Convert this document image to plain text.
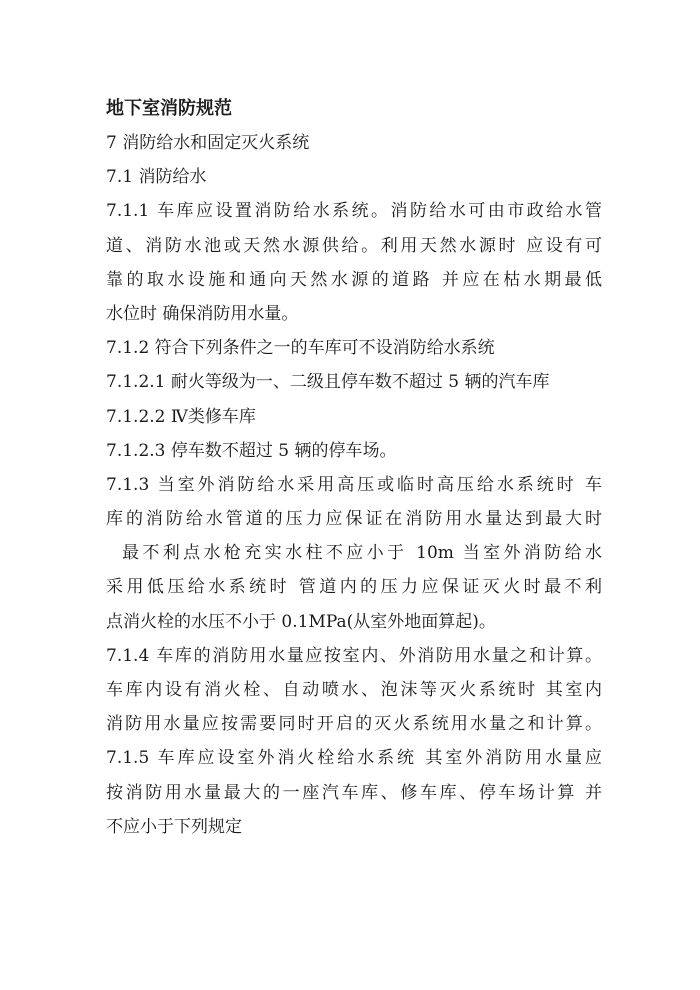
地下室消防规范
7 消防给水和固定灭火系统
7.1 消防给水
7.1.1 车库应设置消防给水系统。消防给水可由市政给水管
道、消防水池或天然水源供给。利用天然水源时 应设有可
靠的取水设施和通向天然水源的道路 并应在枯水期最低
水位时 确保消防用水量。
7.1.2 符合下列条件之一的车库可不设消防给水系统
7.1.2.1 耐火等级为一、二级且停车数不超过 5 辆的汽车库
7.1.2.2 Ⅳ类修车库
7.1.2.3 停车数不超过 5 辆的停车场。
7.1.3 当室外消防给水采用高压或临时高压给水系统时 车
库的消防给水管道的压力应保证在消防用水量达到最大时
最不利点水枪充实水柱不应小于 10m 当室外消防给水
采用低压给水系统时 管道内的压力应保证灭火时最不利
点消火栓的水压不小于 0.1MPa(从室外地面算起)。
7.1.4 车库的消防用水量应按室内、外消防用水量之和计算。
车库内设有消火栓、自动喷水、泡沫等灭火系统时 其室内
消防用水量应按需要同时开启的灭火系统用水量之和计算。
7.1.5 车库应设室外消火栓给水系统 其室外消防用水量应
按消防用水量最大的一座汽车库、修车库、停车场计算 并
不应小于下列规定
